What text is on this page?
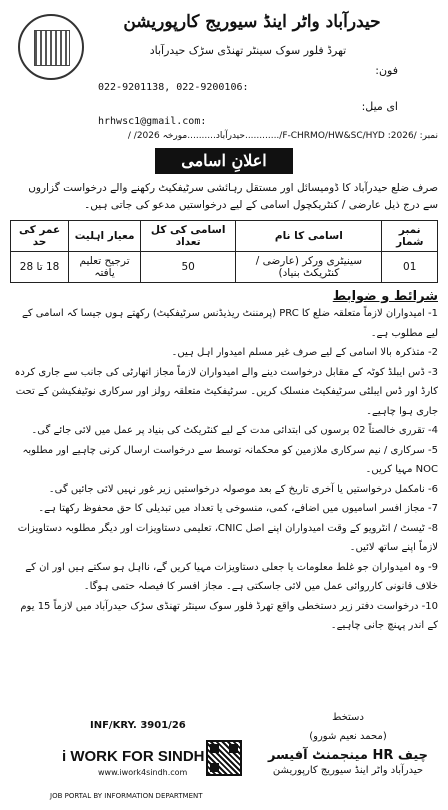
حیدرآباد واٹر اینڈ سیوریج کارپوریشن
تھرڈ فلور سوک سینٹر تھنڈی سڑک حیدرآباد
فون:
022-9201138, 022-9200106:
ای میل:
hrhwsc1@gmail.com:
نمبر: /2026: F-CHRMO/HW&SC/HYD/............حیدرآباد..........مورخہ 2026/ /
اعلانِ اسامی
صرف ضلع حیدرآباد کا ڈومیسائل اور مستقل رہائشی سرٹیفکیٹ رکھنے والے درخواست گزاروں سے درج ذیل عارضی / کنٹریکچول اسامی کے لیے درخواستیں مدعو کی جاتی ہیں۔
نمبر شمار	اسامی کا نام	اسامی کی کل تعداد	معیار اہلیت	عمر کی حد
01	سینیٹری ورکر (عارضی / کنٹریکٹ بنیاد)	50	ترجیح تعلیم یافتہ	18 تا 28
شرائط و ضوابط

1- امیدواران لازماً متعلقہ ضلع کا PRC (پرمننٹ ریذیڈنس سرٹیفکیٹ) رکھتے ہوں جیسا کہ اسامی کے لیے مطلوب ہے۔

2- متذکرہ بالا اسامی کے لیے صرف غیر مسلم امیدوار اہل ہیں۔

3- ڈس ایبلڈ کوٹہ کے مقابل درخواست دینے والے امیدواران لازماً مجاز اتھارٹی کی جانب سے جاری کردہ کارڈ اور ڈس ایبلٹی سرٹیفکیٹ منسلک کریں۔ سرٹیفکیٹ متعلقہ رولز اور سرکاری نوٹیفکیشن کے تحت جاری ہوا چاہیے۔

4- تقرری خالصتاً 02 برسوں کی ابتدائی مدت کے لیے کنٹریکٹ کی بنیاد پر عمل میں لائی جائے گی۔

5- سرکاری / نیم سرکاری ملازمین کو محکمانہ توسط سے درخواست ارسال کرنی چاہیے اور مطلوبہ NOC مہیا کریں۔

6- نامکمل درخواستیں یا آخری تاریخ کے بعد موصولہ درخواستیں زیر غور نہیں لائی جائیں گی۔

7- مجاز افسر اسامیوں میں اضافے، کمی، منسوخی یا تعداد میں تبدیلی کا حق محفوظ رکھتا ہے۔

8- ٹیسٹ / انٹرویو کے وقت امیدواران اپنے اصل CNIC، تعلیمی دستاویزات اور دیگر مطلوبہ دستاویزات لازماً اپنے ساتھ لائیں۔

9- وہ امیدواران جو غلط معلومات یا جعلی دستاویزات مہیا کریں گے، نااہل ہو سکتے ہیں اور ان کے خلاف قانونی کارروائی عمل میں لائی جاسکتی ہے۔ مجاز افسر کا فیصلہ حتمی ہوگا۔

10- درخواست دفتر زیر دستخطی واقع تھرڈ فلور سوک سینٹر تھنڈی سڑک حیدرآباد میں لازماً 15 یوم کے اندر پہنچ جانی چاہیے۔

دستخط
(محمد نعیم شورو)
چیف HR مینجمنٹ آفیسر
حیدرآباد واٹر اینڈ سیوریج کارپوریشن
INF/KRY. 3901/26
i WORK FOR SINDH
www.iwork4sindh.com
JOB PORTAL BY INFORMATION DEPARTMENT
